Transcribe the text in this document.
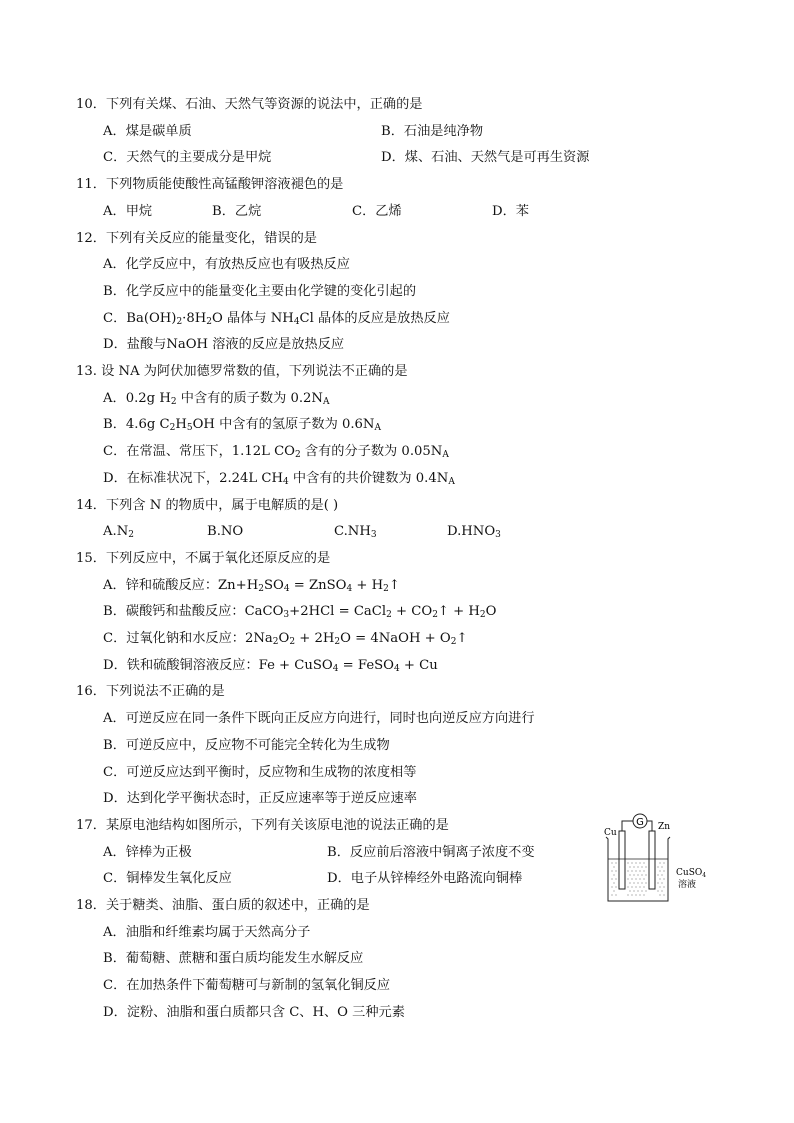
10．下列有关煤、石油、天然气等资源的说法中，正确的是
A．煤是碳单质	B．石油是纯净物
C．天然气的主要成分是甲烷	D．煤、石油、天然气是可再生资源
11．下列物质能使酸性高锰酸钾溶液褪色的是
A．甲烷	B．乙烷	C．乙烯	D．苯
12．下列有关反应的能量变化，错误的是
A．化学反应中，有放热反应也有吸热反应
B．化学反应中的能量变化主要由化学键的变化引起的
C．$Ba(OH)_2\cdot 8H_2O$ 晶体与 $NH_4Cl$ 晶体的反应是放热反应
D．盐酸与NaOH 溶液的反应是放热反应
13. 设 NA 为阿伏加德罗常数的值，下列说法不正确的是
A．0.2g $H_2$ 中含有的质子数为 $0.2N_A$
B．4.6g $C_2H_5OH$ 中含有的氢原子数为 $0.6N_A$
C．在常温、常压下，1.12L $CO_2$ 含有的分子数为 $0.05N_A$
D．在标准状况下，2.24L $CH_4$ 中含有的共价键数为 $0.4N_A$
14．下列含 N 的物质中，属于电解质的是( )
$A.N_2$	B.NO	$C.NH_3$	$D.HNO_3$
15．下列反应中，不属于氧化还原反应的是
A．锌和硫酸反应：$Zn+H_2SO_4$ = ZnSO$_4$ + $H_2↑$
B．碳酸钙和盐酸反应：CaCO$_3$+2HCl = CaCl$_2$ + $CO_2↑ + H_2O$
C．过氧化钠和水反应：$2Na_2O_2 + 2H_2O$ = 4NaOH + $O_2↑$
D．铁和硫酸铜溶液反应：Fe + CuSO$_4$ = FeSO$_4$ + Cu
16．下列说法不正确的是
A．可逆反应在同一条件下既向正反应方向进行，同时也向逆反应方向进行
B．可逆反应中，反应物不可能完全转化为生成物
C．可逆反应达到平衡时，反应物和生成物的浓度相等
D．达到化学平衡状态时，正反应速率等于逆反应速率
17．某原电池结构如图所示，下列有关该原电池的说法正确的是
A．锌棒为正极	B．反应前后溶液中铜离子浓度不变
C．铜棒发生氧化反应	D．电子从锌棒经外电路流向铜棒
18．关于糖类、油脂、蛋白质的叙述中，正确的是
A．油脂和纤维素均属于天然高分子
B．葡萄糖、蔗糖和蛋白质均能发生水解反应
C．在加热条件下葡萄糖可与新制的氢氧化铜反应
D．淀粉、油脂和蛋白质都只含 C、H、O 三种元素
G
Cu
Zn
CuSO$_4$
溶液
